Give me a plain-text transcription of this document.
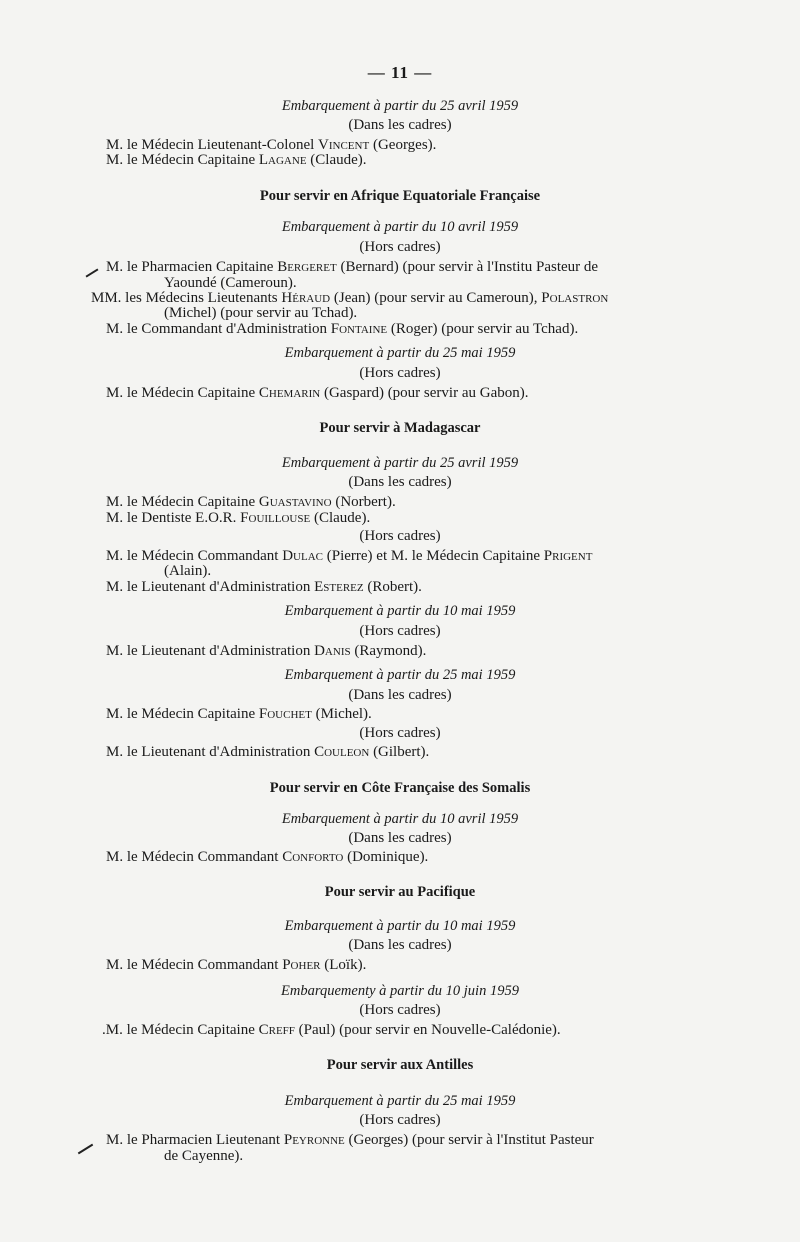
— 11 —
Embarquement à partir du 25 avril 1959
(Dans les cadres)
M. le Médecin Lieutenant-Colonel Vincent (Georges).
M. le Médecin Capitaine Lagane (Claude).
Pour servir en Afrique Equatoriale Française
Embarquement à partir du 10 avril 1959
(Hors cadres)
M. le Pharmacien Capitaine Bergeret (Bernard) (pour servir à l'Institu Pasteur de
Yaoundé (Cameroun).
MM. les Médecins Lieutenants Héraud (Jean) (pour servir au Cameroun), Polastron
(Michel) (pour servir au Tchad).
M. le Commandant d'Administration Fontaine (Roger) (pour servir au Tchad).
Embarquement à partir du 25 mai 1959
(Hors cadres)
M. le Médecin Capitaine Chemarin (Gaspard) (pour servir au Gabon).
Pour servir à Madagascar
Embarquement à partir du 25 avril 1959
(Dans les cadres)
M. le Médecin Capitaine Guastavino (Norbert).
M. le Dentiste E.O.R. Fouillouse (Claude).
(Hors cadres)
M. le Médecin Commandant Dulac (Pierre) et M. le Médecin Capitaine Prigent
(Alain).
M. le Lieutenant d'Administration Esterez (Robert).
Embarquement à partir du 10 mai 1959
(Hors cadres)
M. le Lieutenant d'Administration Danis (Raymond).
Embarquement à partir du 25 mai 1959
(Dans les cadres)
M. le Médecin Capitaine Fouchet (Michel).
(Hors cadres)
M. le Lieutenant d'Administration Couleon (Gilbert).
Pour servir en Côte Française des Somalis
Embarquement à partir du 10 avril 1959
(Dans les cadres)
M. le Médecin Commandant Conforto (Dominique).
Pour servir au Pacifique
Embarquement à partir du 10 mai 1959
(Dans les cadres)
M. le Médecin Commandant Poher (Loïk).
Embarquementy à partir du 10 juin 1959
(Hors cadres)
.M. le Médecin Capitaine Creff (Paul) (pour servir en Nouvelle-Calédonie).
Pour servir aux Antilles
Embarquement à partir du 25 mai 1959
(Hors cadres)
M. le Pharmacien Lieutenant Peyronne (Georges) (pour servir à l'Institut Pasteur
de Cayenne).
